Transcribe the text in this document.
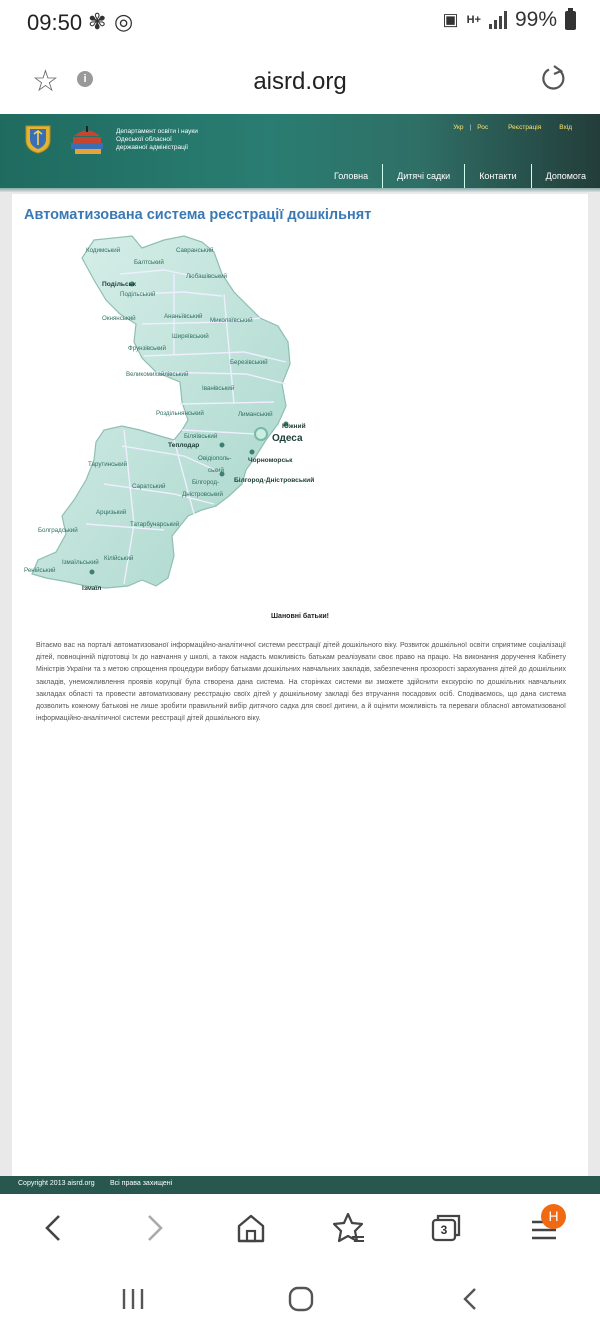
09:50 ✾ ◎	▣ H+ 99%
☆	i	aisrd.org
Департамент освіти і науки
Одеської обласної
державної адміністрації
Укр | Рос	Реєстрація	Вхід
Головна	Дитячі садки	Контакти	Допомога
Автоматизована система реєстрації дошкільнят
Кодимський
Балтський
Савранський
Любашівський
Подільський
Окнянський	Ананьївський
Миколаївський
Ширяївський
Фрунзівський
Березівський
Великомихайлівський
Іванівський
Роздільнянський	Лиманський
Біляївський
Овідіополь-
ський
Тарутинський
Саратський
Білгород-
Дністровський
Арцизький
Татарбунарський
Болградський
Кілійський
Ізмаїльський
Ренійський
Подільськ
Одеса
Южний
Теплодар
Чорноморськ
Білгород-Дністровський
Ізмаїл
Шановні батьки!
Вітаємо вас на порталі автоматизованої інформаційно-аналітичної системи реєстрації дітей дошкільного віку. Розвиток дошкільної освіти сприятиме соціалізації дітей, повноцінній підготовці їх до навчання у школі, а також надасть можливість батькам реалізувати своє право на працю. На виконання доручення Кабінету Міністрів України та з метою спрощення процедури вибору батьками дошкільних навчальних закладів, забезпечення прозорості зарахування дітей до дошкільних закладів, унеможливлення проявів корупції була створена дана система. На сторінках системи ви зможете здійснити екскурсію по дошкільних навчальних закладах області та провести автоматизовану реєстрацію своїх дітей у дошкільному закладі без втручання посадових осіб. Сподіваємось, що дана система дозволить кожному батькові не лише зробити правильний вибір дитячого садка для своєї дитини, а й оцінити можливість та переваги обласної автоматизованої інформаційно-аналітичної системи реєстрації дітей дошкільного віку.
Copyright 2013 aisrd.org Всі права захищені
3
H
